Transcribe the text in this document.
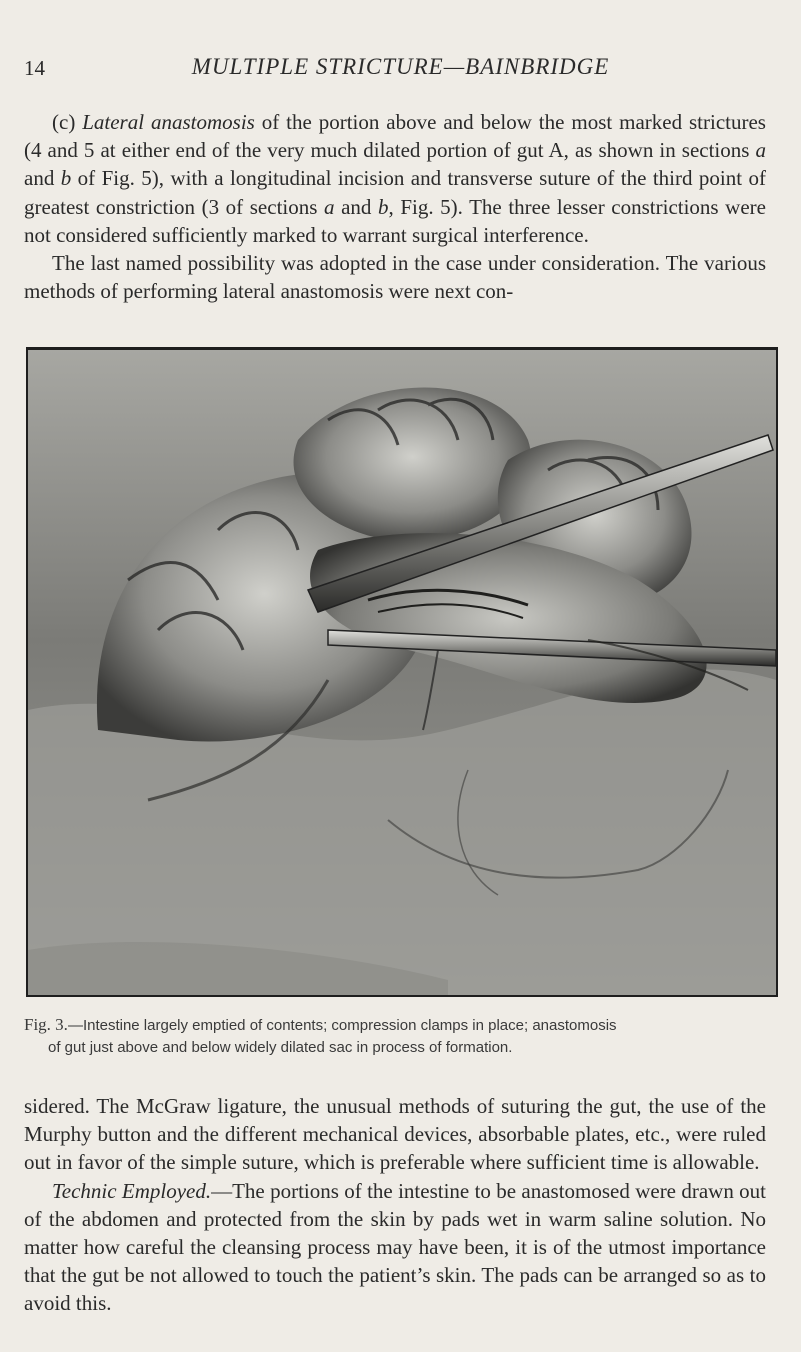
14	MULTIPLE STRICTURE—BAINBRIDGE

(c) Lateral anastomosis of the portion above and below the most marked strictures (4 and 5 at either end of the very much dilated portion of gut A, as shown in sections a and b of Fig. 5), with a longitudinal incision and transverse suture of the third point of greatest constriction (3 of sections a and b, Fig. 5). The three lesser constrictions were not considered sufficiently marked to warrant surgical interference.

The last named possibility was adopted in the case under consideration. The various methods of performing lateral anastomosis were next con-

Fig. 3.—Intestine largely emptied of contents; compression clamps in place; anastomosis
of gut just above and below widely dilated sac in process of formation.

sidered. The McGraw ligature, the unusual methods of suturing the gut, the use of the Murphy button and the different mechanical devices, absorbable plates, etc., were ruled out in favor of the simple suture, which is preferable where sufficient time is allowable.

Technic Employed.—The portions of the intestine to be anastomosed were drawn out of the abdomen and protected from the skin by pads wet in warm saline solution. No matter how careful the cleansing process may have been, it is of the utmost importance that the gut be not allowed to touch the patient’s skin. The pads can be arranged so as to avoid this.
